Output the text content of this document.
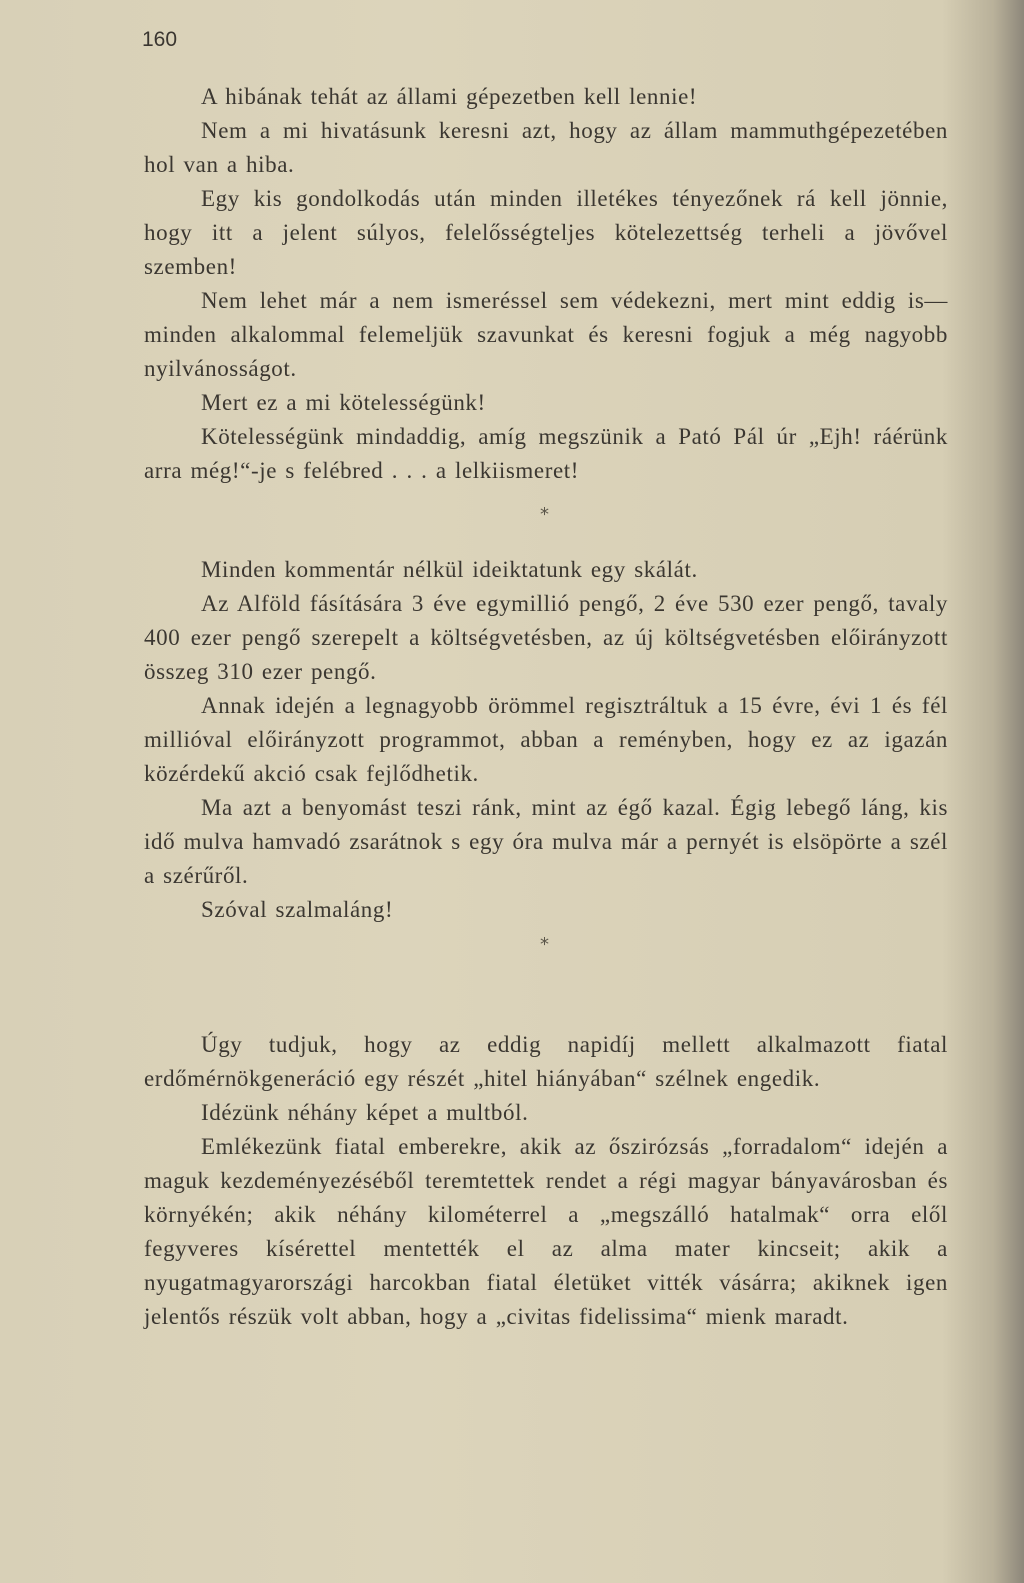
160

A hibának tehát az állami gépezetben kell lennie!

Nem a mi hivatásunk keresni azt, hogy az állam mammuthgépezetében hol van a hiba.

Egy kis gondolkodás után minden illetékes tényezőnek rá kell jönnie, hogy itt a jelent súlyos, felelősségteljes kötelezettség terheli a jövővel szemben!

Nem lehet már a nem ismeréssel sem védekezni, mert mint eddig is— minden alkalommal felemeljük szavunkat és keresni fogjuk a még nagyobb nyilvánosságot.

Mert ez a mi kötelességünk!

Kötelességünk mindaddig, amíg megszünik a Pató Pál úr „Ejh! ráérünk arra még!“-je s felébred . . . a lelkiismeret!

*

Minden kommentár nélkül ideiktatunk egy skálát.

Az Alföld fásítására 3 éve egymillió pengő, 2 éve 530 ezer pengő, tavaly 400 ezer pengő szerepelt a költségvetésben, az új költségvetésben előirányzott összeg 310 ezer pengő.

Annak idején a legnagyobb örömmel regisztráltuk a 15 évre, évi 1 és fél millióval előirányzott programmot, abban a reményben, hogy ez az igazán közérdekű akció csak fejlődhetik.

Ma azt a benyomást teszi ránk, mint az égő kazal. Égig lebegő láng, kis idő mulva hamvadó zsarátnok s egy óra mulva már a pernyét is elsöpörte a szél a szérűről.

Szóval szalmaláng!

*

Úgy tudjuk, hogy az eddig napidíj mellett alkalmazott fiatal erdőmérnökgeneráció egy részét „hitel hiányában“ szélnek engedik.

Idézünk néhány képet a multból.

Emlékezünk fiatal emberekre, akik az őszirózsás „forradalom“ idején a maguk kezdeményezéséből teremtettek rendet a régi magyar bányavárosban és környékén; akik néhány kilométerrel a „megszálló hatalmak“ orra elől fegyveres kísérettel mentették el az alma mater kincseit; akik a nyugatmagyarországi harcokban fiatal életüket vitték vásárra; akiknek igen jelentős részük volt abban, hogy a „civitas fidelissima“ mienk maradt.
